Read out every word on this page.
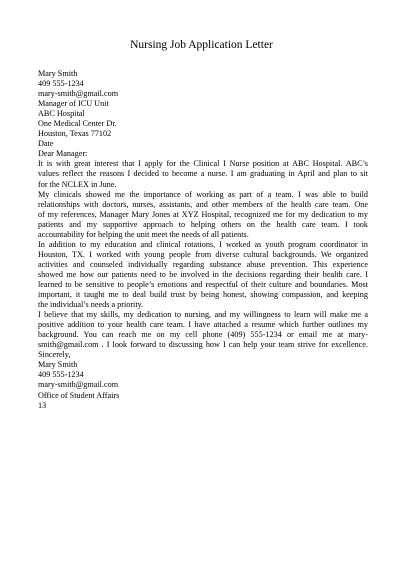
Nursing Job Application Letter
Mary Smith
409 555-1234
mary-smith@gmail.com
Manager of ICU Unit
ABC Hospital
One Medical Center Dr.
Houston, Texas 77102
Date
Dear Manager:
It is with great interest that I apply for the Clinical I Nurse position at ABC Hospital. ABC’s
values reflect the reasons I decided to become a nurse. I am graduating in April and plan to sit
for the NCLEX in June.
My clinicals showed me the importance of working as part of a team. I was able to build
relationships with doctors, nurses, assistants, and other members of the health care team. One
of my references, Manager Mary Jones at XYZ Hospital, recognized me for my dedication to my
patients and my supportive approach to helping others on the health care team. I took
accountability for helping the unit meet the needs of all patients.
In addition to my education and clinical rotations, I worked as youth program coordinator in
Houston, TX. I worked with young people from diverse cultural backgrounds. We organized
activities and counseled individually regarding substance abuse prevention. This experience
showed me how our patients need to be involved in the decisions regarding their health care. I
learned to be sensitive to people’s emotions and respectful of their culture and boundaries. Most
important, it taught me to deal build trust by being honest, showing compassion, and keeping
the individual’s needs a priority.
I believe that my skills, my dedication to nursing, and my willingness to learn will make me a
positive addition to your health care team. I have attached a resume which further outlines my
background. You can reach me on my cell phone (409) 555-1234 or email me at mary-
smith@gmail.com . I look forward to discussing how I can help your team strive for excellence.
Sincerely,
Mary Smith
409 555-1234
mary-smith@gmail.com
Office of Student Affairs
13
